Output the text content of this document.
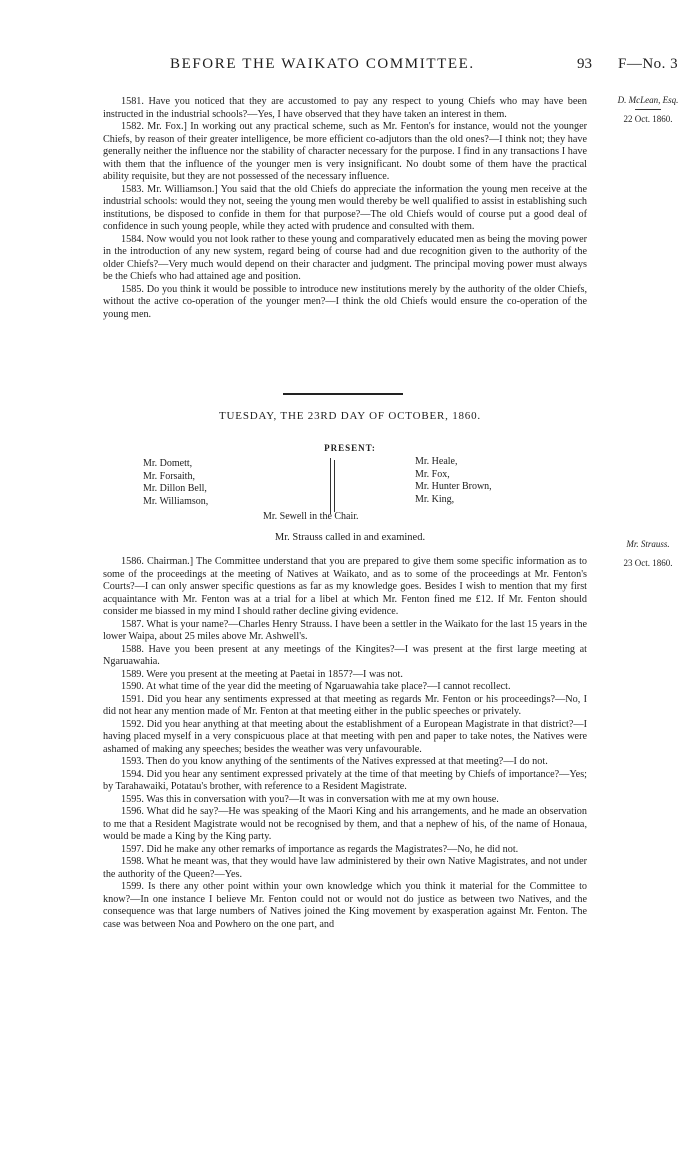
BEFORE THE WAIKATO COMMITTEE.	93 F—No. 3
D. McLean, Esq.
22 Oct. 1860.
Mr. Strauss.
23 Oct. 1860.

1581. Have you noticed that they are accustomed to pay any respect to young Chiefs who may have been instructed in the industrial schools?—Yes, I have observed that they have taken an interest in them.

1582. Mr. Fox.] In working out any practical scheme, such as Mr. Fenton's for instance, would not the younger Chiefs, by reason of their greater intelligence, be more efficient co-adjutors than the old ones?—I think not; they have generally neither the influence nor the stability of character necessary for the purpose. I find in any transactions I have with them that the influence of the younger men is very insignificant. No doubt some of them have the practical ability requisite, but they are not possessed of the necessary influence.

1583. Mr. Williamson.] You said that the old Chiefs do appreciate the information the young men receive at the industrial schools: would they not, seeing the young men would thereby be well qualified to assist in establishing such institutions, be disposed to confide in them for that purpose?—The old Chiefs would of course put a good deal of confidence in such young people, while they acted with prudence and consulted with them.

1584. Now would you not look rather to these young and comparatively educated men as being the moving power in the introduction of any new system, regard being of course had and due recognition given to the authority of the older Chiefs?—Very much would depend on their character and judgment. The principal moving power must always be the Chiefs who had attained age and position.

1585. Do you think it would be possible to introduce new institutions merely by the authority of the older Chiefs, without the active co-operation of the younger men?—I think the old Chiefs would ensure the co-operation of the young men.

TUESDAY, THE 23RD DAY OF OCTOBER, 1860.
PRESENT:
Mr. Domett,
Mr. Forsaith,
Mr. Dillon Bell,
Mr. Williamson,
Mr. Heale,
Mr. Fox,
Mr. Hunter Brown,
Mr. King,
Mr. Sewell in the Chair.
Mr. Strauss called in and examined.

1586. Chairman.] The Committee understand that you are prepared to give them some specific information as to some of the proceedings at the meeting of Natives at Waikato, and as to some of the proceedings at Mr. Fenton's Courts?—I can only answer specific questions as far as my knowledge goes. Besides I wish to mention that my first acquaintance with Mr. Fenton was at a trial for a libel at which Mr. Fenton fined me £12. If Mr. Fenton should consider me biassed in my mind I should rather decline giving evidence.

1587. What is your name?—Charles Henry Strauss. I have been a settler in the Waikato for the last 15 years in the lower Waipa, about 25 miles above Mr. Ashwell's.

1588. Have you been present at any meetings of the Kingites?—I was present at the first large meeting at Ngaruawahia.

1589. Were you present at the meeting at Paetai in 1857?—I was not.

1590. At what time of the year did the meeting of Ngaruawahia take place?—I cannot recollect.

1591. Did you hear any sentiments expressed at that meeting as regards Mr. Fenton or his proceedings?—No, I did not hear any mention made of Mr. Fenton at that meeting either in the public speeches or privately.

1592. Did you hear anything at that meeting about the establishment of a European Magistrate in that district?—I having placed myself in a very conspicuous place at that meeting with pen and paper to take notes, the Natives were ashamed of making any speeches; besides the weather was very unfavourable.

1593. Then do you know anything of the sentiments of the Natives expressed at that meeting?—I do not.

1594. Did you hear any sentiment expressed privately at the time of that meeting by Chiefs of importance?—Yes; by Tarahawaiki, Potatau's brother, with reference to a Resident Magistrate.

1595. Was this in conversation with you?—It was in conversation with me at my own house.

1596. What did he say?—He was speaking of the Maori King and his arrangements, and he made an observation to me that a Resident Magistrate would not be recognised by them, and that a nephew of his, of the name of Honaua, would be made a King by the King party.

1597. Did he make any other remarks of importance as regards the Magistrates?—No, he did not.

1598. What he meant was, that they would have law administered by their own Native Magistrates, and not under the authority of the Queen?—Yes.

1599. Is there any other point within your own knowledge which you think it material for the Committee to know?—In one instance I believe Mr. Fenton could not or would not do justice as between two Natives, and the consequence was that large numbers of Natives joined the King movement by exasperation against Mr. Fenton. The case was between Noa and Powhero on the one part, and
